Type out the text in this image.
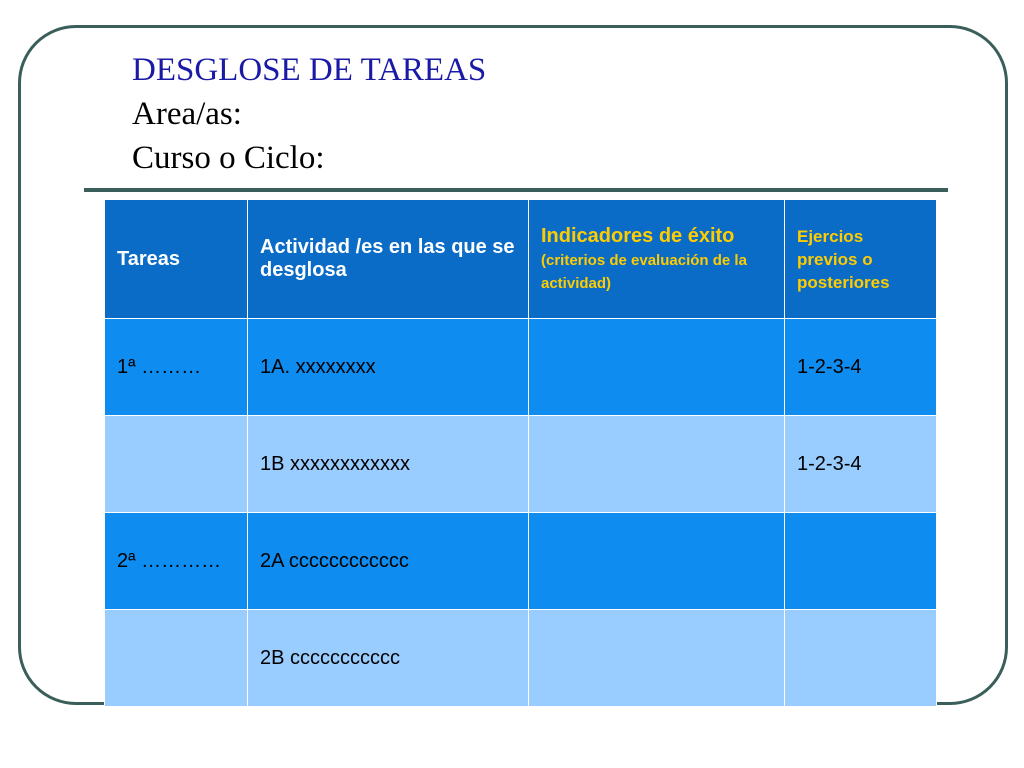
DESGLOSE DE TAREAS
Area/as:
Curso o Ciclo:
Tareas	Actividad /es en las que se desglosa	Indicadores de éxito (criterios de evaluación de la actividad)	Ejercios previos o posteriores
1ª ………	1A. xxxxxxxx		1-2-3-4
	1B xxxxxxxxxxxx		1-2-3-4
2ª …………	2A cccccccccccc		
	2B ccccccccccc		
